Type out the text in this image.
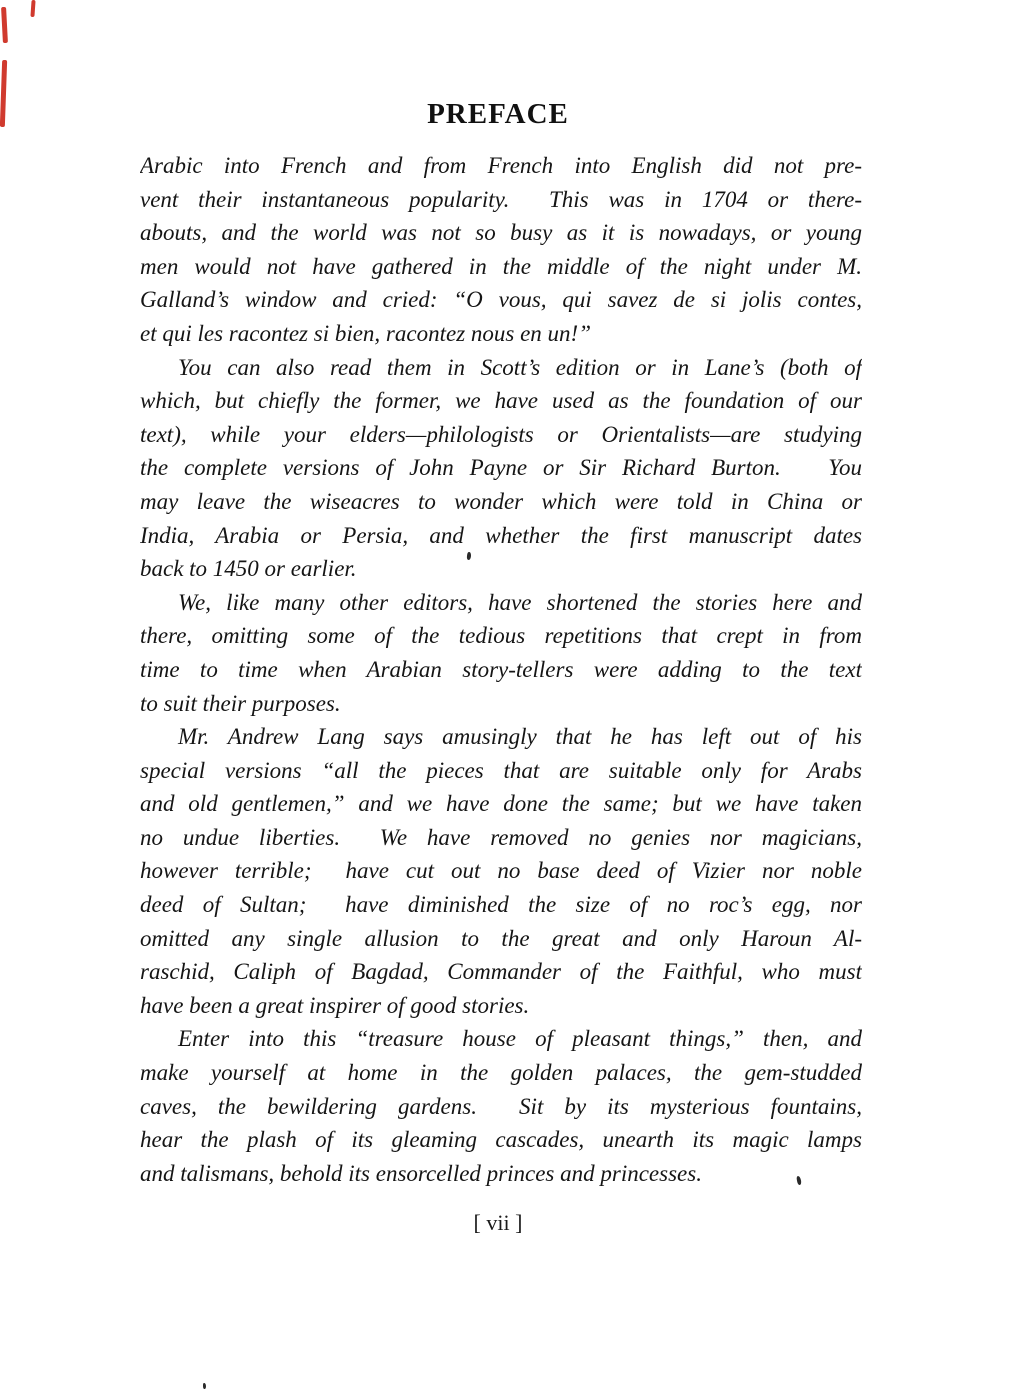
PREFACE
Arabic into French and from French into English did not pre-
vent their instantaneous popularity.  This was in 1704 or there-
abouts, and the world was not so busy as it is nowadays, or young
men would not have gathered in the middle of the night under M.
Galland’s window and cried: “O vous, qui savez de si jolis contes,
et qui les racontez si bien, racontez nous en un!”
You can also read them in Scott’s edition or in Lane’s (both of
which, but chiefly the former, we have used as the foundation of our
text), while your elders—philologists or Orientalists—are studying
the complete versions of John Payne or Sir Richard Burton.   You
may leave the wiseacres to wonder which were told in China or
India, Arabia or Persia, and whether the first manuscript dates
back to 1450 or earlier.
We, like many other editors, have shortened the stories here and
there, omitting some of the tedious repetitions that crept in from
time to time when Arabian story-tellers were adding to the text
to suit their purposes.
Mr. Andrew Lang says amusingly that he has left out of his
special versions “all the pieces that are suitable only for Arabs
and old gentlemen,” and we have done the same; but we have taken
no undue liberties.  We have removed no genies nor magicians,
however terrible;  have cut out no base deed of Vizier nor noble
deed of Sultan;  have diminished the size of no roc’s egg, nor
omitted any single allusion to the great and only Haroun Al-
raschid, Caliph of Bagdad, Commander of the Faithful, who must
have been a great inspirer of good stories.
Enter into this “treasure house of pleasant things,” then, and
make yourself at home in the golden palaces, the gem-studded
caves, the bewildering gardens.  Sit by its mysterious fountains,
hear the plash of its gleaming cascades, unearth its magic lamps
and talismans, behold its ensorcelled princes and princesses.
[ vii ]
